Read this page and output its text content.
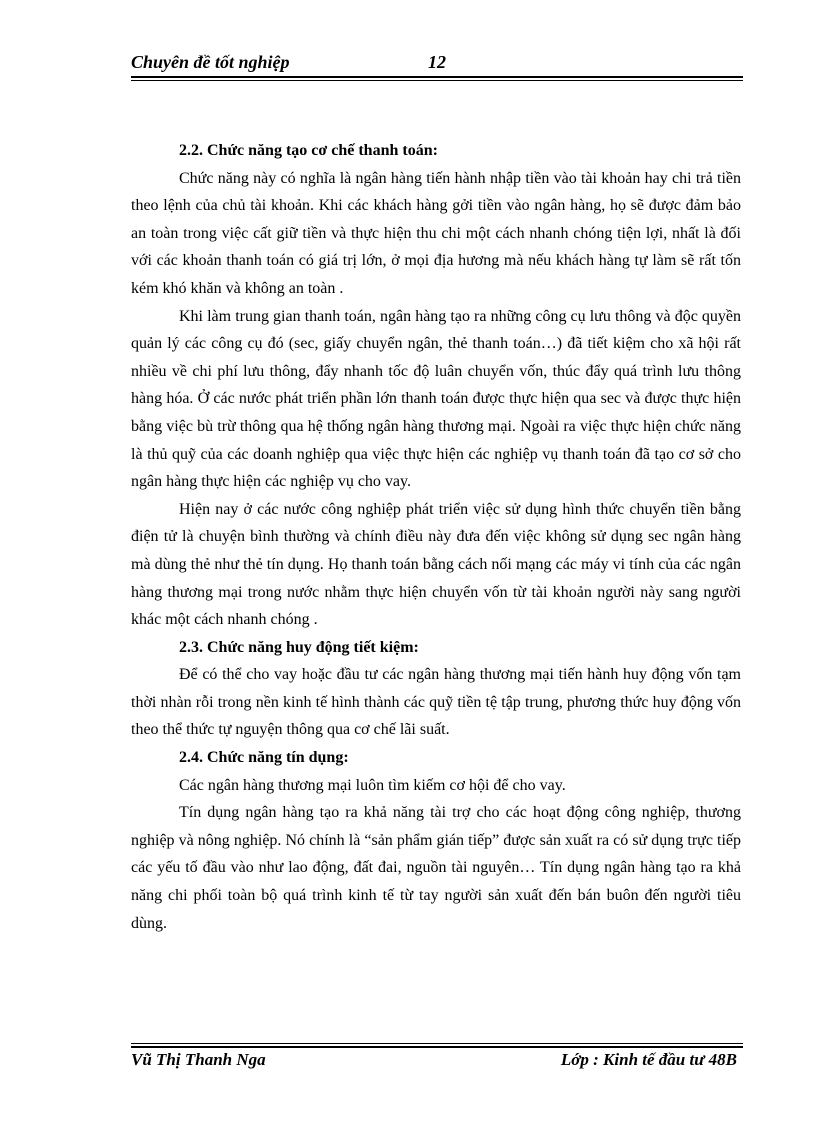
Chuyên đề tốt nghiệp	12
2.2. Chức năng tạo cơ chế thanh toán:

Chức năng này có nghĩa là ngân hàng tiến hành nhập tiền vào tài khoản hay chi trả tiền theo lệnh của chủ tài khoản. Khi các khách hàng gởi tiền vào ngân hàng, họ sẽ được đảm bảo an toàn trong việc cất giữ tiền và thực hiện thu chi một cách nhanh chóng tiện lợi, nhất là đối với các khoản thanh toán có giá trị lớn, ở mọi địa hương mà nếu khách hàng tự làm sẽ rất tốn kém khó khăn và không an toàn .

Khi làm trung gian thanh toán, ngân hàng tạo ra những công cụ lưu thông và độc quyền quản lý các công cụ đó (sec, giấy chuyển ngân, thẻ thanh toán…) đã tiết kiệm cho xã hội rất nhiều về chi phí lưu thông, đẩy nhanh tốc độ luân chuyển vốn, thúc đẩy quá trình lưu thông hàng hóa. Ở các nước phát triển phần lớn thanh toán được thực hiện qua sec và được thực hiện bằng việc bù trừ thông qua hệ thống ngân hàng thương mại. Ngoài ra việc thực hiện chức năng là thủ quỹ của các doanh nghiệp qua việc thực hiện các nghiệp vụ thanh toán đã tạo cơ sở cho ngân hàng thực hiện các nghiệp vụ cho vay.

Hiện nay ở các nước công nghiệp phát triển việc sử dụng hình thức chuyển tiền bằng điện tử là chuyện bình thường và chính điều này đưa đến việc không sử dụng sec ngân hàng mà dùng thẻ như thẻ tín dụng. Họ thanh toán bằng cách nối mạng các máy vi tính của các ngân hàng thương mại trong nước nhằm thực hiện chuyển vốn từ tài khoản người này sang người khác một cách nhanh chóng .

2.3. Chức năng huy động tiết kiệm:

Để có thể cho vay hoặc đầu tư các ngân hàng thương mại tiến hành huy động vốn tạm thời nhàn rỗi trong nền kinh tế hình thành các quỹ tiền tệ tập trung, phương thức huy động vốn theo thể thức tự nguyện thông qua cơ chế lãi suất.

2.4. Chức năng tín dụng:

Các ngân hàng thương mại luôn tìm kiếm cơ hội để cho vay.

Tín dụng ngân hàng tạo ra khả năng tài trợ cho các hoạt động công nghiệp, thương nghiệp và nông nghiệp. Nó chính là “sản phẩm gián tiếp” được sản xuất ra có sử dụng trực tiếp các yếu tố đầu vào như lao động, đất đai, nguồn tài nguyên… Tín dụng ngân hàng tạo ra khả năng chi phối toàn bộ quá trình kinh tế từ tay người sản xuất đến bán buôn đến người tiêu dùng.

Vũ Thị Thanh Nga	Lớp : Kinh tế đầu tư 48B
